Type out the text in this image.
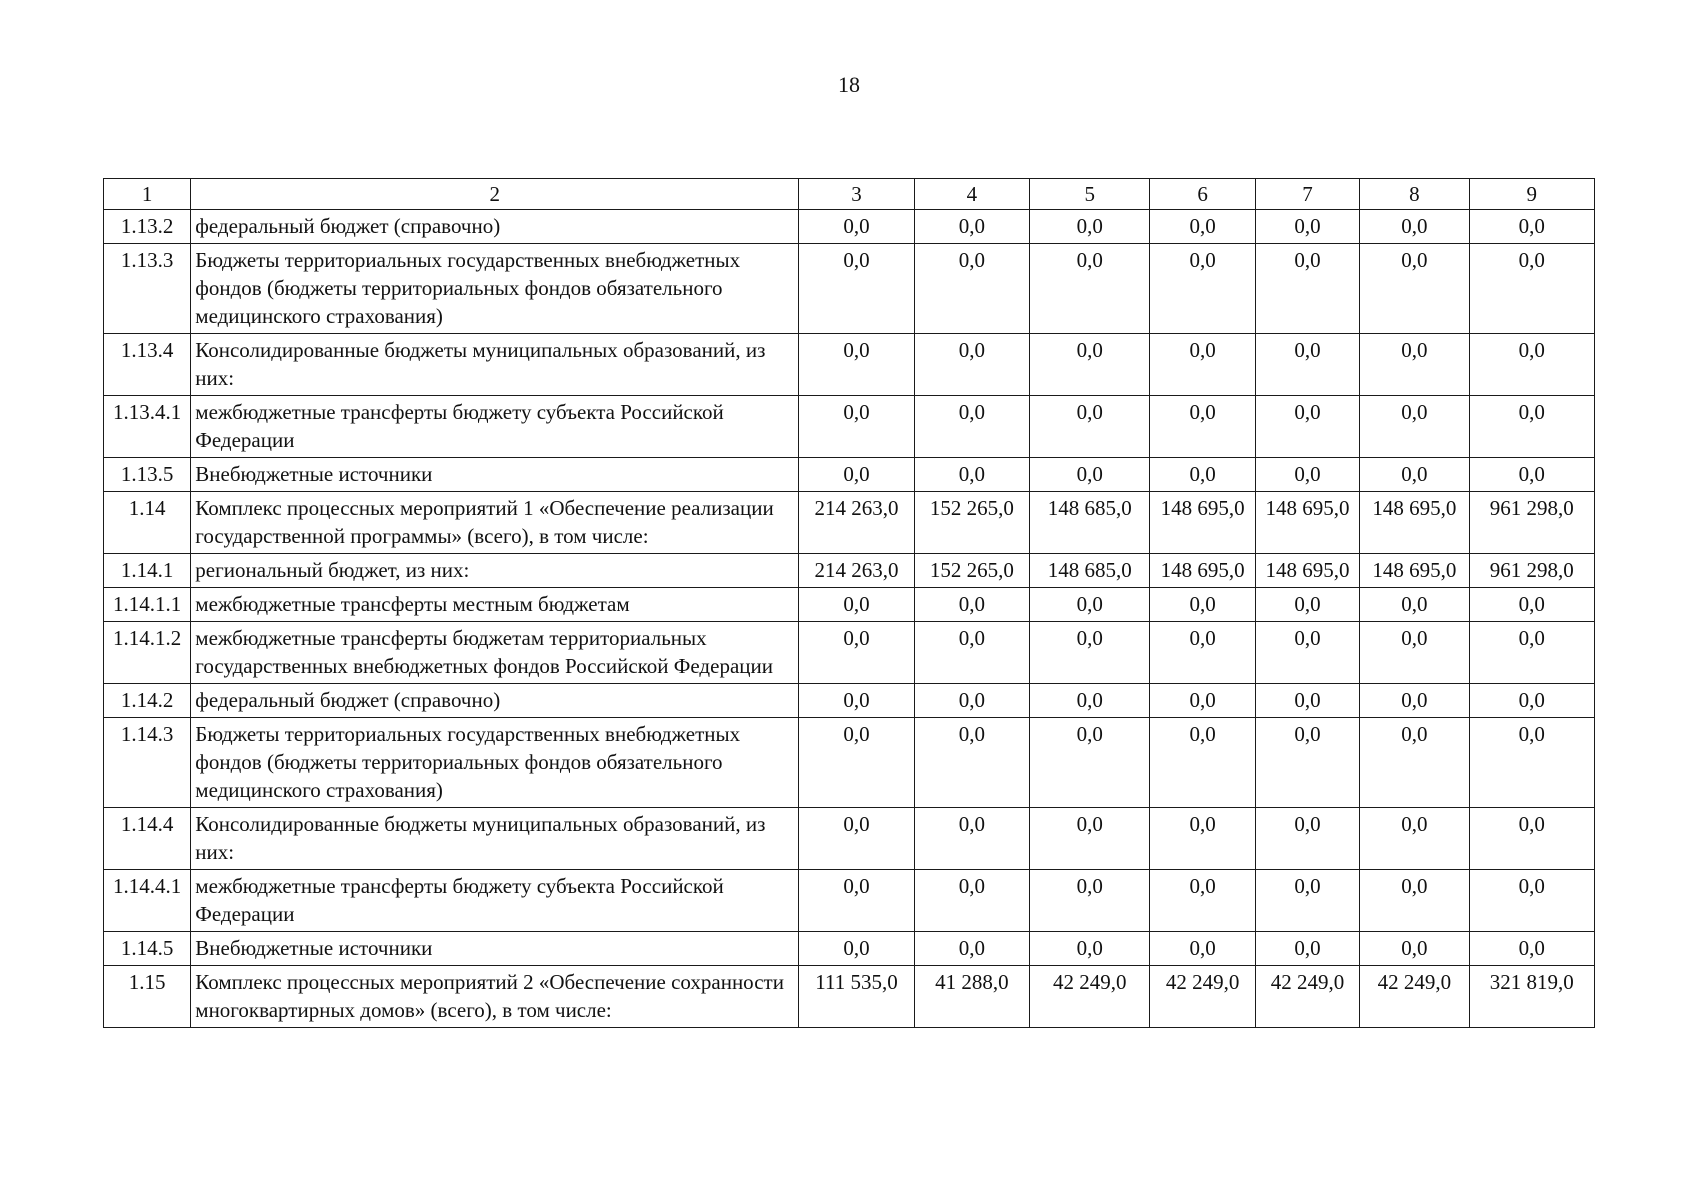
18
1	2	3	4	5	6	7	8	9
1.13.2	федеральный бюджет (справочно)	0,0	0,0	0,0	0,0	0,0	0,0	0,0
1.13.3	Бюджеты территориальных государственных внебюджетных фондов (бюджеты территориальных фондов обязательного медицинского страхования)	0,0	0,0	0,0	0,0	0,0	0,0	0,0
1.13.4	Консолидированные бюджеты муниципальных образований, из них:	0,0	0,0	0,0	0,0	0,0	0,0	0,0
1.13.4.1	межбюджетные трансферты бюджету субъекта Российской Федерации	0,0	0,0	0,0	0,0	0,0	0,0	0,0
1.13.5	Внебюджетные источники	0,0	0,0	0,0	0,0	0,0	0,0	0,0
1.14	Комплекс процессных мероприятий 1 «Обеспечение реализации государственной программы» (всего), в том числе:	214 263,0	152 265,0	148 685,0	148 695,0	148 695,0	148 695,0	961 298,0
1.14.1	региональный бюджет, из них:	214 263,0	152 265,0	148 685,0	148 695,0	148 695,0	148 695,0	961 298,0
1.14.1.1	межбюджетные трансферты местным бюджетам	0,0	0,0	0,0	0,0	0,0	0,0	0,0
1.14.1.2	межбюджетные трансферты бюджетам территориальных государственных внебюджетных фондов Российской Федерации	0,0	0,0	0,0	0,0	0,0	0,0	0,0
1.14.2	федеральный бюджет (справочно)	0,0	0,0	0,0	0,0	0,0	0,0	0,0
1.14.3	Бюджеты территориальных государственных внебюджетных фондов (бюджеты территориальных фондов обязательного медицинского страхования)	0,0	0,0	0,0	0,0	0,0	0,0	0,0
1.14.4	Консолидированные бюджеты муниципальных образований, из них:	0,0	0,0	0,0	0,0	0,0	0,0	0,0
1.14.4.1	межбюджетные трансферты бюджету субъекта Российской Федерации	0,0	0,0	0,0	0,0	0,0	0,0	0,0
1.14.5	Внебюджетные источники	0,0	0,0	0,0	0,0	0,0	0,0	0,0
1.15	Комплекс процессных мероприятий 2 «Обеспечение сохранности многоквартирных домов» (всего), в том числе:	111 535,0	41 288,0	42 249,0	42 249,0	42 249,0	42 249,0	321 819,0
